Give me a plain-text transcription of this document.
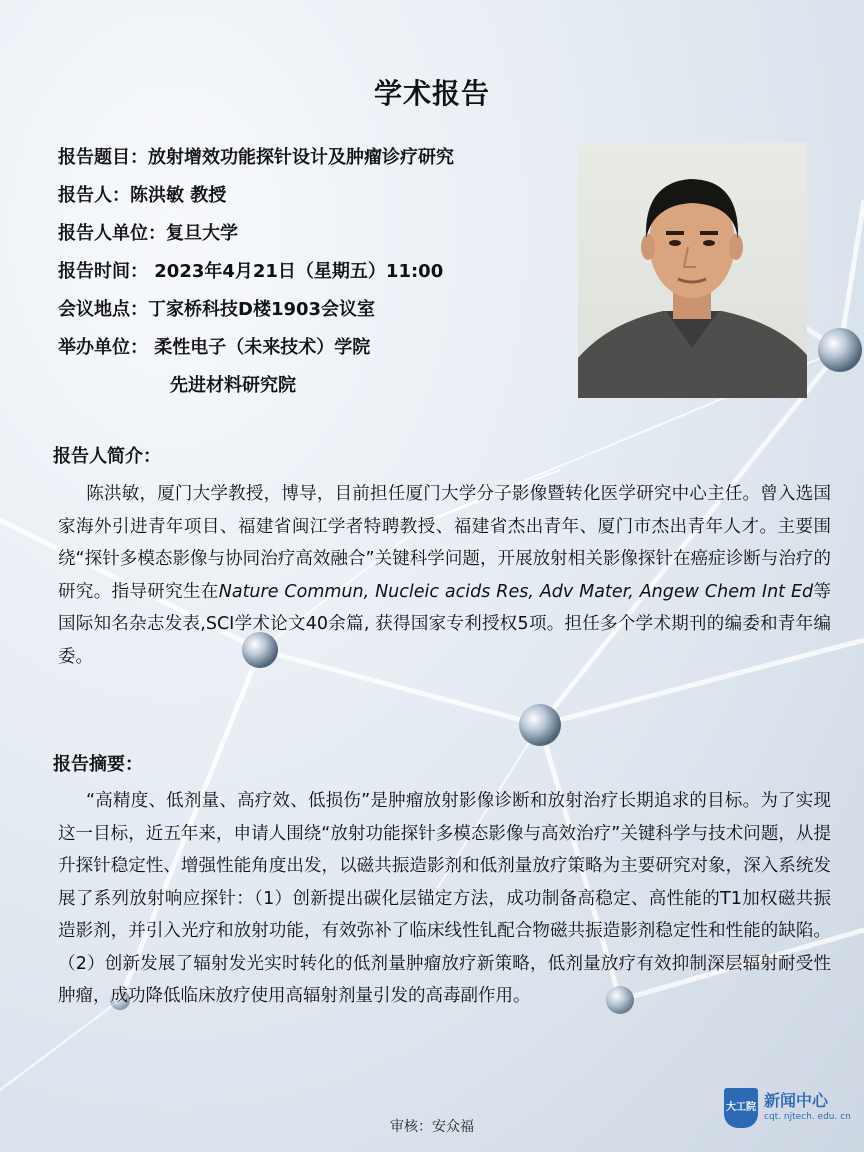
学术报告
报告题目：放射增效功能探针设计及肿瘤诊疗研究
报告人：陈洪敏 教授
报告人单位：复旦大学
报告时间： 2023年4月21日（星期五）11:00
会议地点：丁家桥科技D楼1903会议室
举办单位： 柔性电子（未来技术）学院
先进材料研究院
报告人简介：
陈洪敏，厦门大学教授，博导，目前担任厦门大学分子影像暨转化医学研究中心主任。曾入选国家海外引进青年项目、福建省闽江学者特聘教授、福建省杰出青年、厦门市杰出青年人才。主要围绕“探针多模态影像与协同治疗高效融合”关键科学问题，开展放射相关影像探针在癌症诊断与治疗的研究。指导研究生在Nature Commun, Nucleic acids Res, Adv Mater, Angew Chem Int Ed等国际知名杂志发表,SCI学术论文40余篇, 获得国家专利授权5项。担任多个学术期刊的编委和青年编委。
报告摘要：
“高精度、低剂量、高疗效、低损伤”是肿瘤放射影像诊断和放射治疗长期追求的目标。为了实现这一目标，近五年来，申请人围绕“放射功能探针多模态影像与高效治疗”关键科学与技术问题，从提升探针稳定性、增强性能角度出发，以磁共振造影剂和低剂量放疗策略为主要研究对象，深入系统发展了系列放射响应探针：（1）创新提出碳化层锚定方法，成功制备高稳定、高性能的T1加权磁共振造影剂，并引入光疗和放射功能，有效弥补了临床线性钆配合物磁共振造影剂稳定性和性能的缺陷。（2）创新发展了辐射发光实时转化的低剂量肿瘤放疗新策略，低剂量放疗有效抑制深层辐射耐受性肿瘤，成功降低临床放疗使用高辐射剂量引发的高毒副作用。
审核：安众福
大工院 新闻中心
cqt. njtech. edu. cn
